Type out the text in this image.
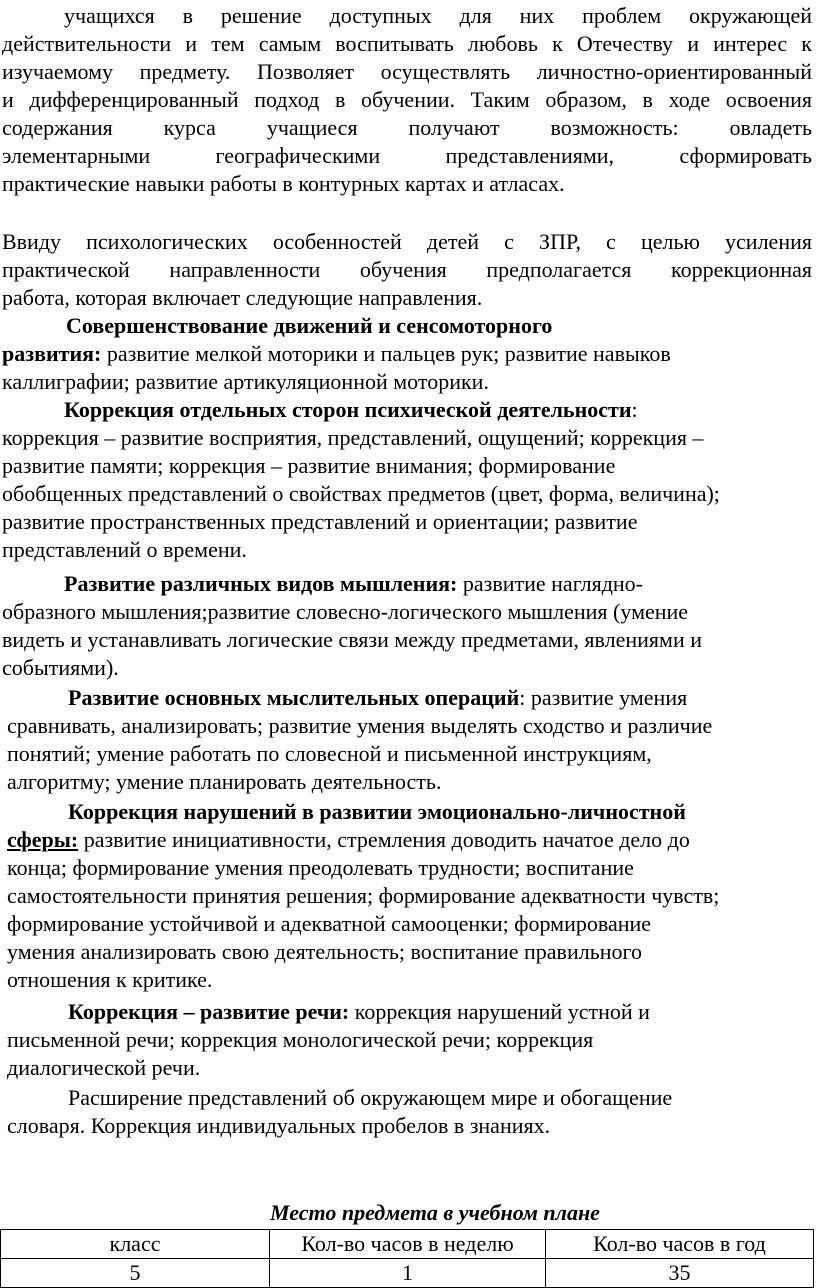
учащихся в решение доступных для них проблем окружающей
действительности и тем самым воспитывать любовь к Отечеству и интерес к
изучаемому предмету. Позволяет осуществлять личностно-ориентированный
и дифференцированный подход в обучении. Таким образом, в ходе освоения
содержания курса учащиеся получают возможность: овладеть
элементарными географическими представлениями, сформировать
практические навыки работы в контурных картах и атласах.
Ввиду психологических особенностей детей с ЗПР, с целью усиления
практической направленности обучения предполагается коррекционная
работа, которая включает следующие направления.
Совершенствование движений и сенсомоторного
развития: развитие мелкой моторики и пальцев рук; развитие навыков
каллиграфии; развитие артикуляционной моторики.
Коррекция отдельных сторон психической деятельности:
коррекция – развитие восприятия, представлений, ощущений; коррекция –
развитие памяти; коррекция – развитие внимания; формирование
обобщенных представлений о свойствах предметов (цвет, форма, величина);
развитие пространственных представлений и ориентации; развитие
представлений о времени.
Развитие различных видов мышления: развитие наглядно-
образного мышления;развитие словесно-логического мышления (умение
видеть и устанавливать логические связи между предметами, явлениями и
событиями).
Развитие основных мыслительных операций: развитие умения
сравнивать, анализировать; развитие умения выделять сходство и различие
понятий; умение работать по словесной и письменной инструкциям,
алгоритму; умение планировать деятельность.
Коррекция нарушений в развитии эмоционально-личностной
сферы: развитие инициативности, стремления доводить начатое дело до
конца; формирование умения преодолевать трудности; воспитание
самостоятельности принятия решения; формирование адекватности чувств;
формирование устойчивой и адекватной самооценки; формирование
умения анализировать свою деятельность; воспитание правильного
отношения к критике.
Коррекция – развитие речи: коррекция нарушений устной и
письменной речи; коррекция монологической речи; коррекция
диалогической речи.
Расширение представлений об окружающем мире и обогащение
словаря. Коррекция индивидуальных пробелов в знаниях.
Место предмета в учебном плане
класс	Кол-во часов в неделю	Кол-во часов в год
5	1	35
